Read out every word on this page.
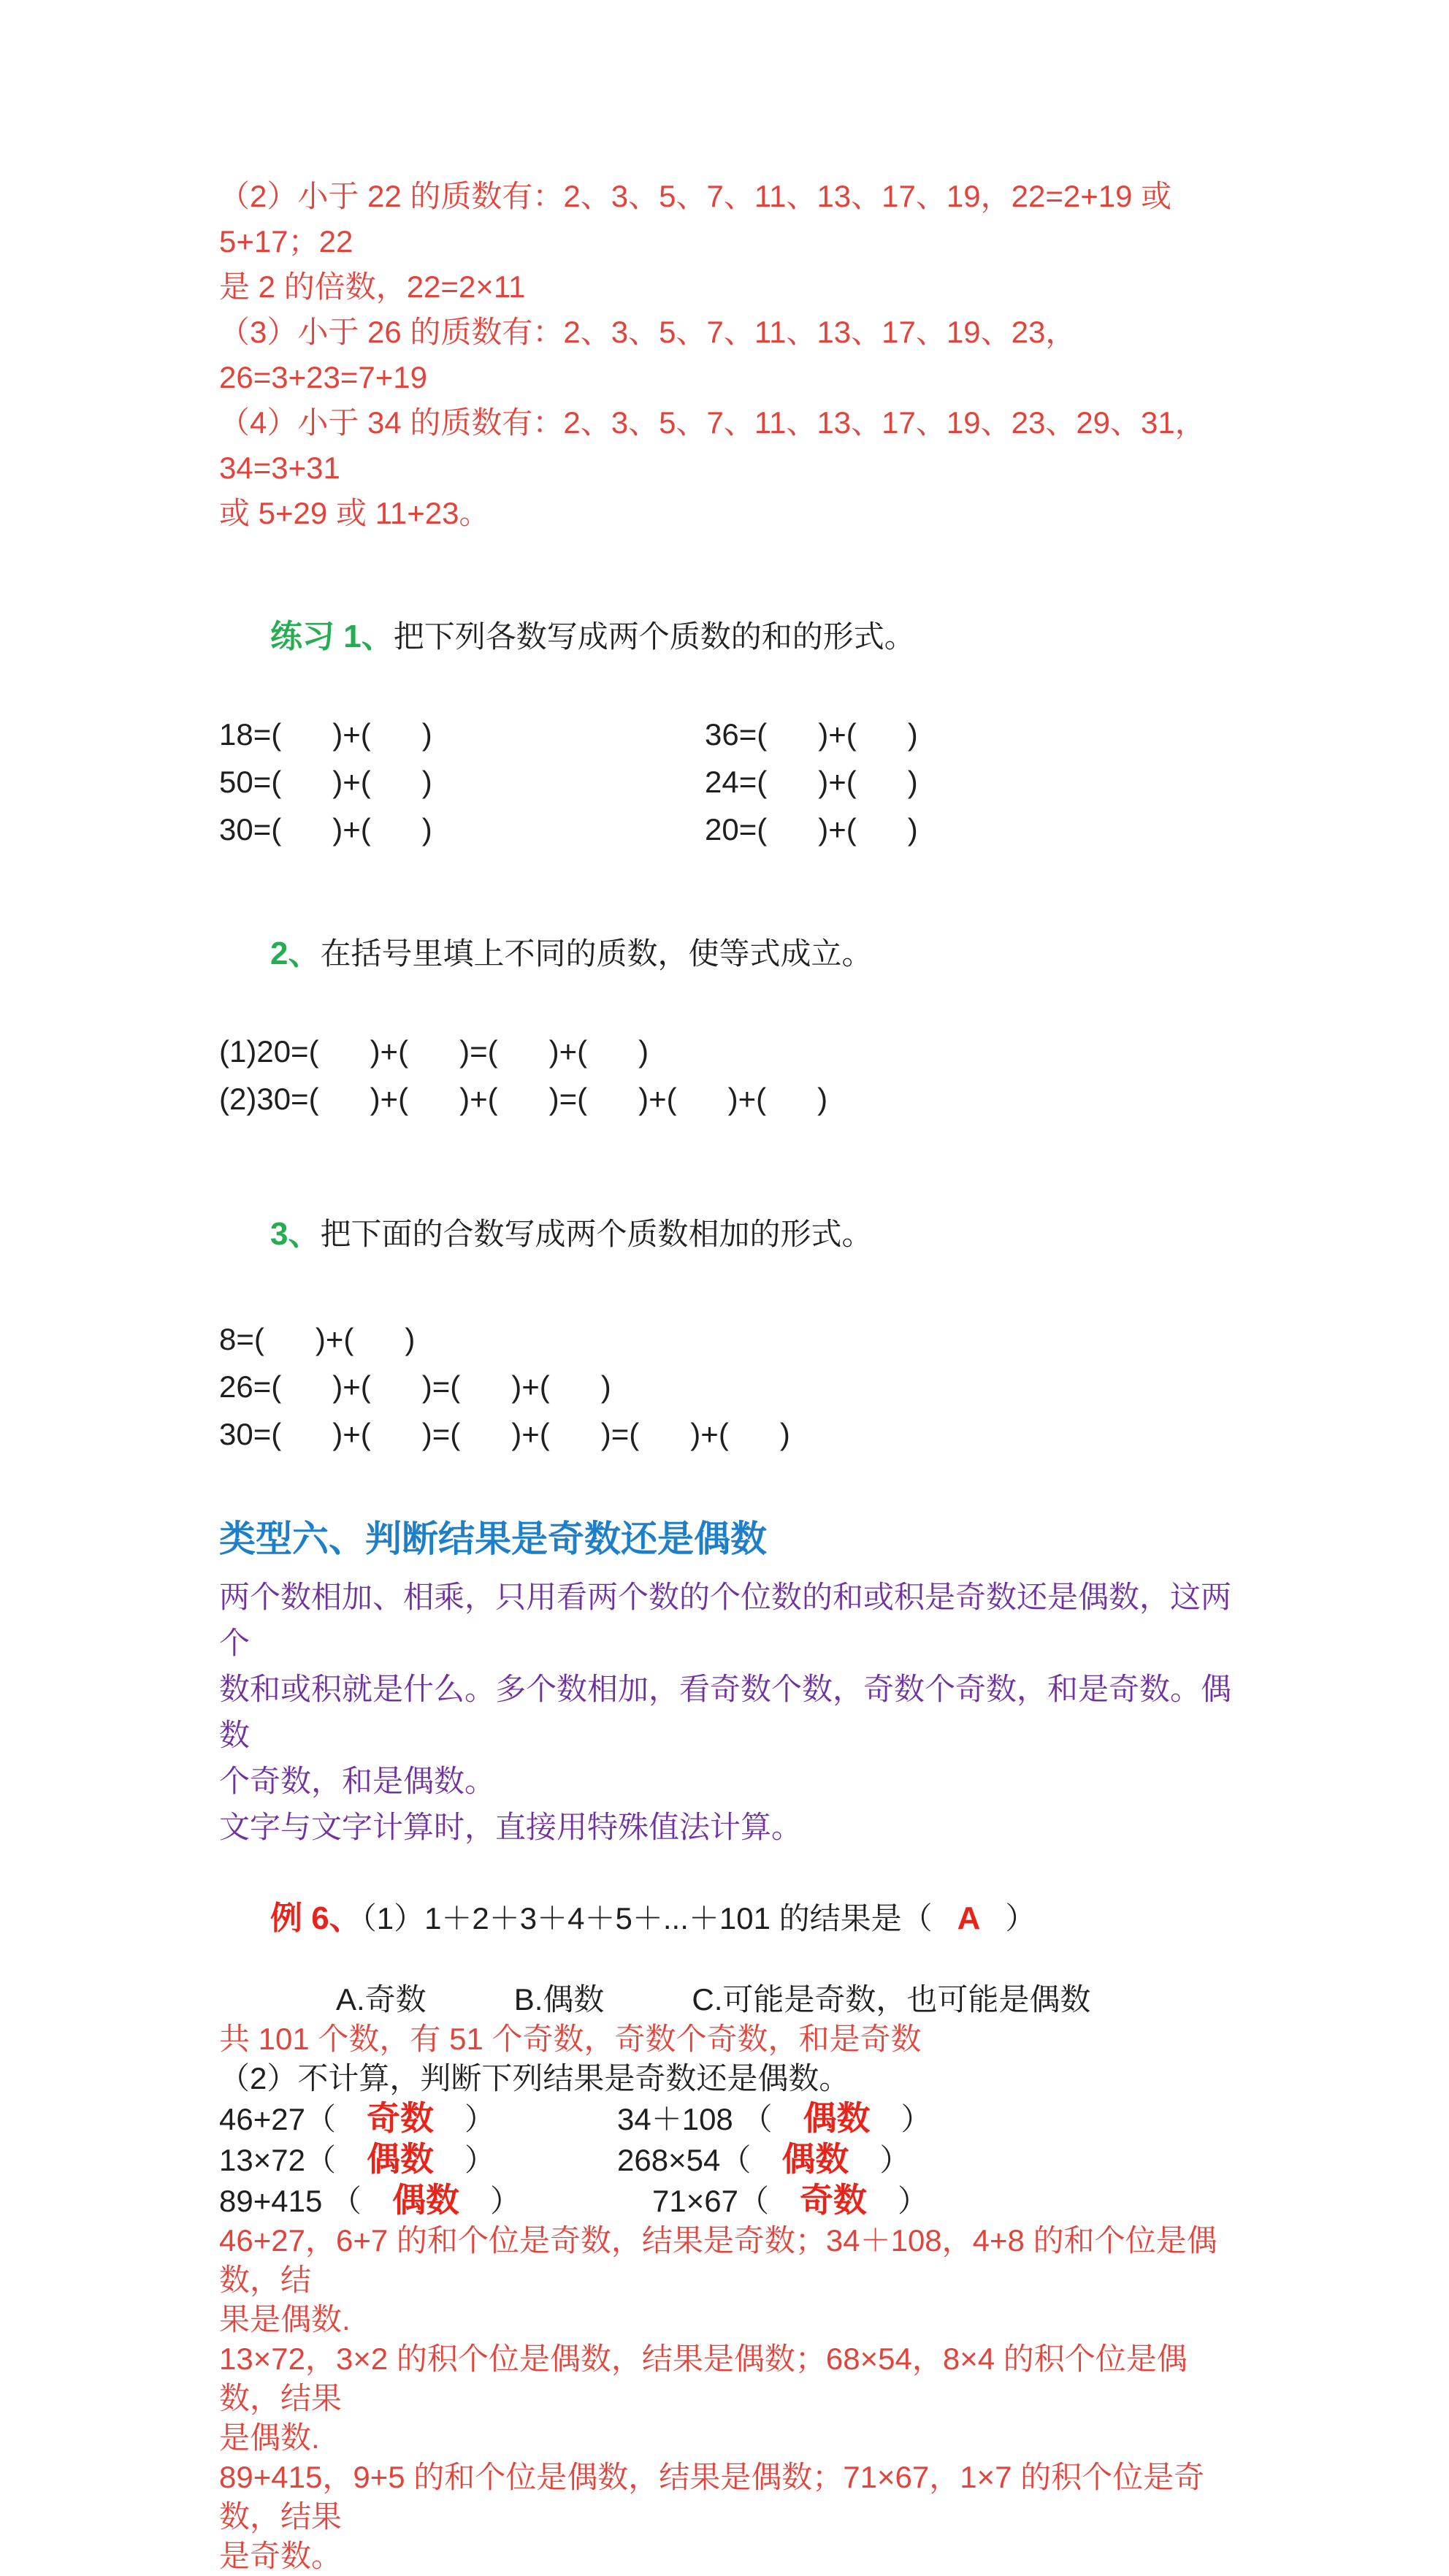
（2）小于 22 的质数有：2、3、5、7、11、13、17、19，22=2+19 或 5+17；22
是 2 的倍数，22=2×11
（3）小于 26 的质数有：2、3、5、7、11、13、17、19、23，26=3+23=7+19
（4）小于 34 的质数有：2、3、5、7、11、13、17、19、23、29、31，34=3+31
或 5+29 或 11+23。

练习 1、把下列各数写成两个质数的和的形式。

18=(      )+(      )	36=(      )+(      )
50=(      )+(      )	24=(      )+(      )
30=(      )+(      )	20=(      )+(      )

2、在括号里填上不同的质数，使等式成立。

(1)20=(      )+(      )=(      )+(      )
(2)30=(      )+(      )+(      )=(      )+(      )+(      )

3、把下面的合数写成两个质数相加的形式。

8=(      )+(      )
26=(      )+(      )=(      )+(      )
30=(      )+(      )=(      )+(      )=(      )+(      )
类型六、判断结果是奇数还是偶数
两个数相加、相乘，只用看两个数的个位数的和或积是奇数还是偶数，这两个
数和或积就是什么。多个数相加，看奇数个数，奇数个奇数，和是奇数。偶数
个奇数，和是偶数。
文字与文字计算时，直接用特殊值法计算。

例 6、（1）1＋2＋3＋4＋5＋...＋101 的结果是（ A ）

A.奇数	B.偶数	C.可能是奇数，也可能是偶数
共 101 个数，有 51 个奇数，奇数个奇数，和是奇数
（2）不计算，判断下列结果是奇数还是偶数。
46+27（ 奇数 ）	34＋108 （ 偶数 ）
13×72（ 偶数 ）	268×54（ 偶数 ）
89+415 （ 偶数 ）	71×67（ 奇数 ）
46+27，6+7 的和个位是奇数，结果是奇数；34＋108，4+8 的和个位是偶数，结
果是偶数.
13×72，3×2 的积个位是偶数，结果是偶数；68×54，8×4 的积个位是偶数，结果
是偶数.
89+415，9+5 的和个位是偶数，结果是偶数；71×67，1×7 的积个位是奇数，结果
是奇数。
